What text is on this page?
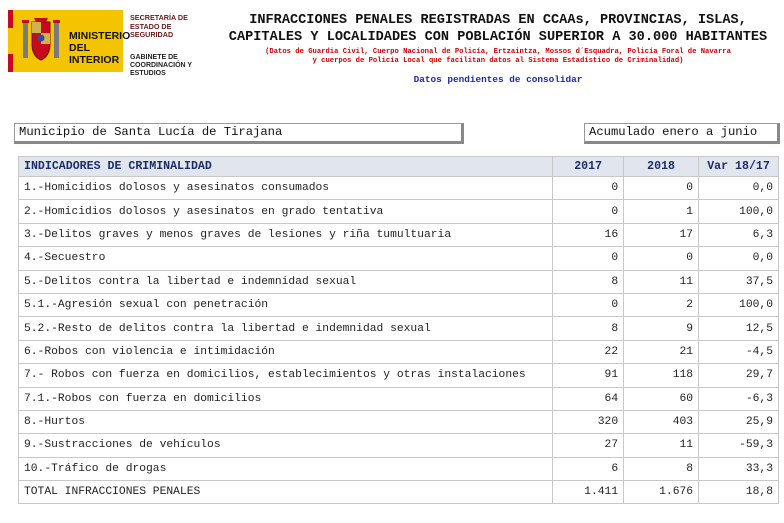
MINISTERIO
DEL INTERIOR
SECRETARÍA DE ESTADO DE SEGURIDAD
GABINETE DE COORDINACIÓN Y ESTUDIOS
INFRACCIONES PENALES REGISTRADAS EN CCAAs, PROVINCIAS, ISLAS,
CAPITALES Y LOCALIDADES CON POBLACIÓN SUPERIOR A 30.000 HABITANTES
(Datos de Guardia Civil, Cuerpo Nacional de Policía, Ertzaintza, Mossos d´Esquadra, Policía Foral de Navarra
y cuerpos de Policía Local que facilitan datos al Sistema Estadístico de Criminalidad)
Datos pendientes de consolidar
Municipio de Santa Lucía de Tirajana	Acumulado enero a junio
INDICADORES DE CRIMINALIDAD	2017	2018	Var 18/17
1.-Homicidios dolosos y asesinatos consumados	0	0	0,0
2.-Homicidios dolosos y asesinatos en grado tentativa	0	1	100,0
3.-Delitos graves y menos graves de lesiones y riña tumultuaria	16	17	6,3
4.-Secuestro	0	0	0,0
5.-Delitos contra la libertad e indemnidad sexual	8	11	37,5
5.1.-Agresión sexual con penetración	0	2	100,0
5.2.-Resto de delitos contra la libertad e indemnidad sexual	8	9	12,5
6.-Robos con violencia e intimidación	22	21	-4,5
7.- Robos con fuerza en domicilios, establecimientos y otras instalaciones	91	118	29,7
7.1.-Robos con fuerza en domicilios	64	60	-6,3
8.-Hurtos	320	403	25,9
9.-Sustracciones de vehículos	27	11	-59,3
10.-Tráfico de drogas	6	8	33,3
TOTAL INFRACCIONES PENALES	1.411	1.676	18,8
